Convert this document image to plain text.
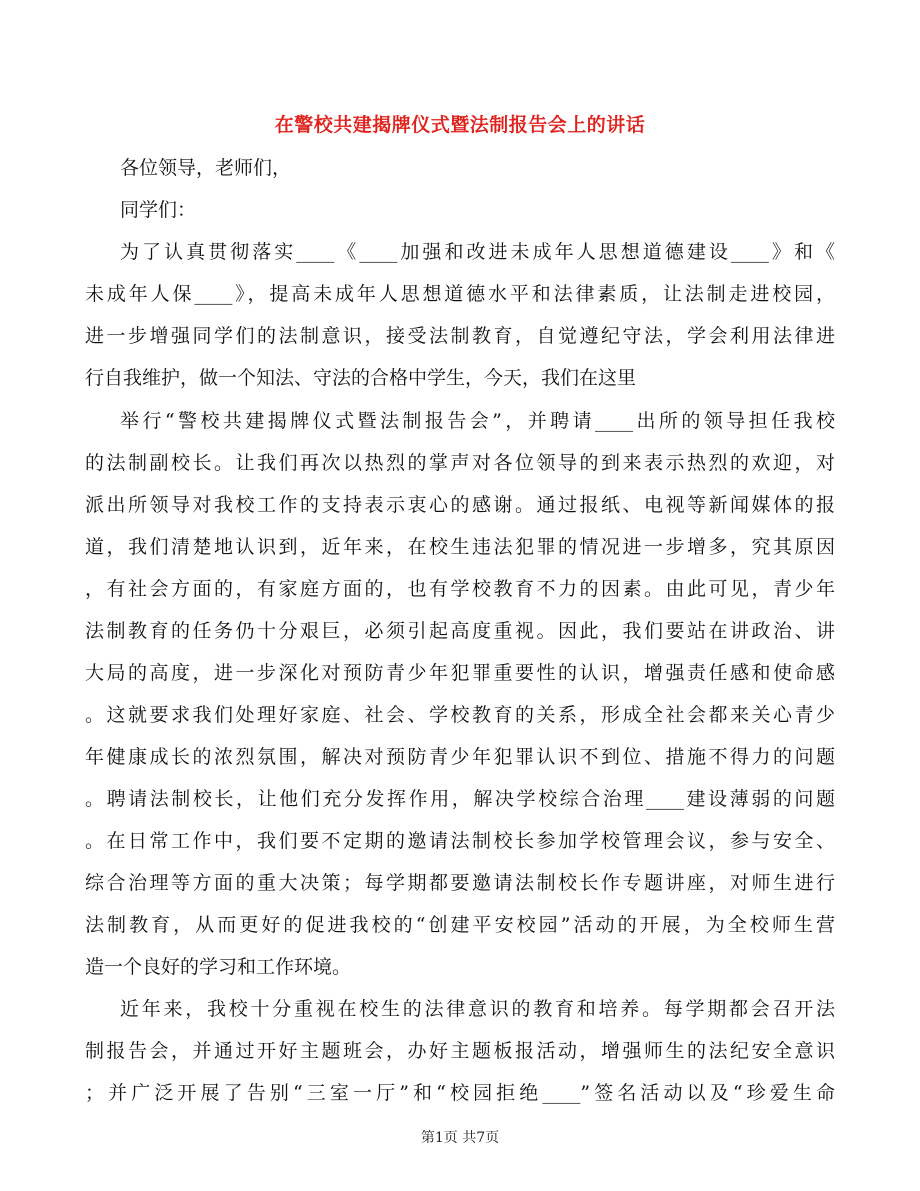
在警校共建揭牌仪式暨法制报告会上的讲话
各位领导，老师们，
同学们：
为了认真贯彻落实____《____加强和改进未成年人思想道德建设____》和《
未成年人保____》，提高未成年人思想道德水平和法律素质，让法制走进校园，
进一步增强同学们的法制意识，接受法制教育，自觉遵纪守法，学会利用法律进
行自我维护，做一个知法、守法的合格中学生，今天，我们在这里
举行“警校共建揭牌仪式暨法制报告会”，并聘请____出所的领导担任我校
的法制副校长。让我们再次以热烈的掌声对各位领导的到来表示热烈的欢迎，对
派出所领导对我校工作的支持表示衷心的感谢。通过报纸、电视等新闻媒体的报
道，我们清楚地认识到，近年来，在校生违法犯罪的情况进一步增多，究其原因
，有社会方面的，有家庭方面的，也有学校教育不力的因素。由此可见，青少年
法制教育的任务仍十分艰巨，必须引起高度重视。因此，我们要站在讲政治、讲
大局的高度，进一步深化对预防青少年犯罪重要性的认识，增强责任感和使命感
。这就要求我们处理好家庭、社会、学校教育的关系，形成全社会都来关心青少
年健康成长的浓烈氛围，解决对预防青少年犯罪认识不到位、措施不得力的问题
。聘请法制校长，让他们充分发挥作用，解决学校综合治理____建设薄弱的问题
。在日常工作中，我们要不定期的邀请法制校长参加学校管理会议，参与安全、
综合治理等方面的重大决策；每学期都要邀请法制校长作专题讲座，对师生进行
法制教育，从而更好的促进我校的“创建平安校园”活动的开展，为全校师生营
造一个良好的学习和工作环境。
近年来，我校十分重视在校生的法律意识的教育和培养。每学期都会召开法
制报告会，并通过开好主题班会，办好主题板报活动，增强师生的法纪安全意识
；并广泛开展了告别“三室一厅”和“校园拒绝____”签名活动以及“珍爱生命
第1页 共7页
